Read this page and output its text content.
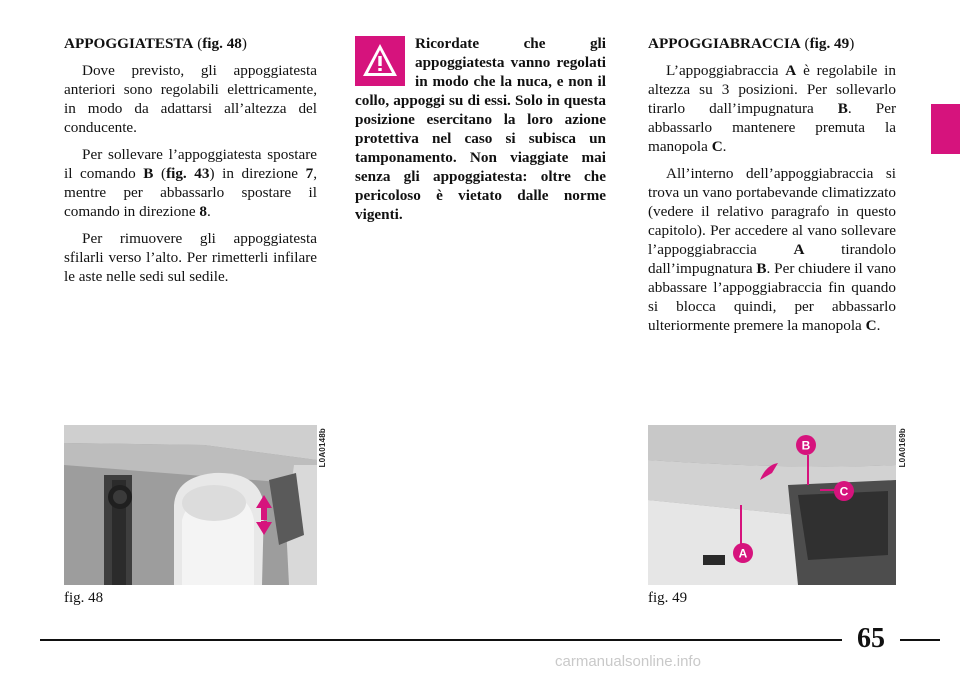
APPOGGIATESTA (fig. 48)

Dove previsto, gli appoggiatesta anteriori sono regolabili elettricamente, in modo da adattarsi all’altezza del conducente.

Per sollevare l’appoggiatesta spostare il comando B (fig. 43) in direzione 7, mentre per abbassarlo spostare il comando in direzione 8.

Per rimuovere gli appoggiatesta sfilarli verso l’alto. Per rimetterli infilare le aste nelle sedi sul sedile.

Ricordate che gli appoggiatesta vanno regolati in modo che la nuca, e non il collo, appoggi su di essi. Solo in questa posizione esercitano la loro azione protettiva nel caso si subisca un tamponamento. Non viaggiate mai senza gli appoggiatesta: oltre che pericoloso è vietato dalle norme vigenti.

APPOGGIABRACCIA (fig. 49)

L’appoggiabraccia A è regolabile in altezza su 3 posizioni. Per sollevarlo tirarlo dall’impugnatura B. Per abbassarlo mantenere premuta la manopola C.

All’interno dell’appoggiabraccia si trova un vano portabevande climatizzato (vedere il relativo paragrafo in questo capitolo). Per accedere al vano sollevare l’appoggiabraccia A tirandolo dall’impugnatura B. Per chiudere il vano abbassare l’appoggiabraccia fin quando si blocca quindi, per abbassarlo ulteriormente premere la manopola C.

L0A0148b
fig. 48
B
C
A
L0A0169b
fig. 49
65
carmanualsonline.info
